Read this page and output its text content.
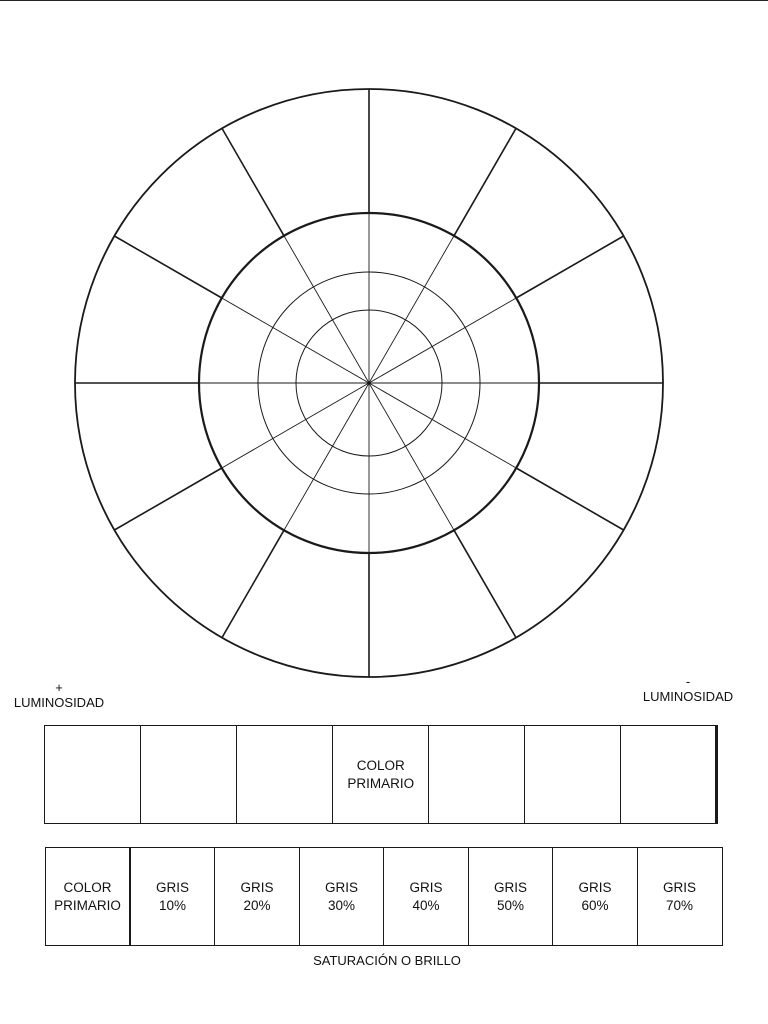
+
LUMINOSIDAD
-
LUMINOSIDAD
COLOR
PRIMARIO
COLOR
PRIMARIO
GRIS
10%
GRIS
20%
GRIS
30%
GRIS
40%
GRIS
50%
GRIS
60%
GRIS
70%
SATURACIÓN O BRILLO
